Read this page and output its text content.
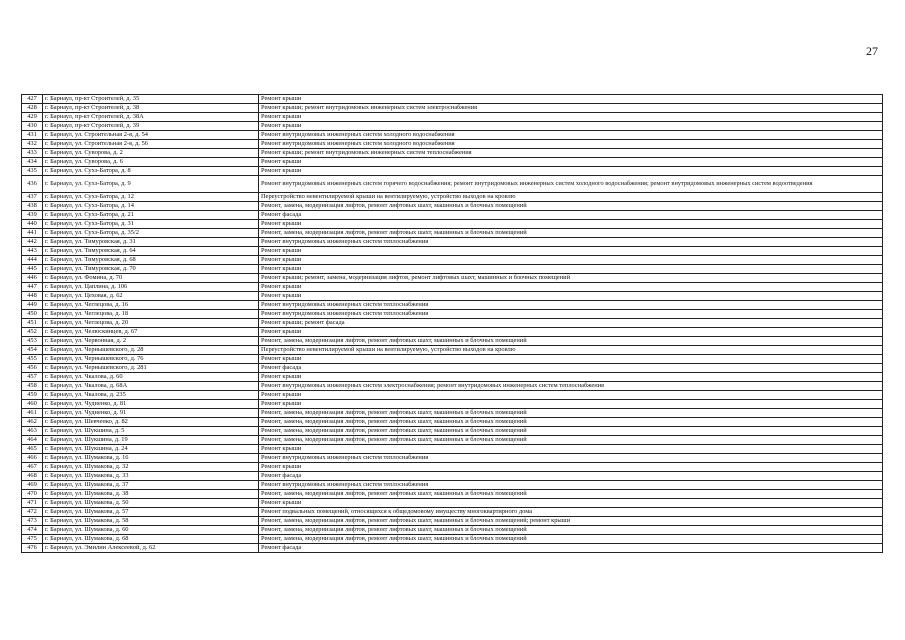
27
427	г. Барнаул, пр-кт Строителей, д. 35	Ремонт крыши
428	г. Барнаул, пр-кт Строителей, д. 38	Ремонт крыши; ремонт внутридомовых инженерных систем электроснабжения
429	г. Барнаул, пр-кт Строителей, д. 38А	Ремонт крыши
430	г. Барнаул, пр-кт Строителей, д. 39	Ремонт крыши
431	г. Барнаул, ул. Строительная 2-я, д. 54	Ремонт внутридомовых инженерных систем холодного водоснабжения
432	г. Барнаул, ул. Строительная 2-я, д. 56	Ремонт внутридомовых инженерных систем холодного водоснабжения
433	г. Барнаул, ул. Суворова, д. 2	Ремонт крыши; ремонт внутридомовых инженерных систем теплоснабжения
434	г. Барнаул, ул. Суворова, д. 6	Ремонт крыши
435	г. Барнаул, ул. Сухэ-Батора, д. 8	Ремонт крыши
436	г. Барнаул, ул. Сухэ-Батора, д. 9	Ремонт внутридомовых инженерных систем горячего водоснабжения; ремонт внутридомовых инженерных систем холодного водоснабжения; ремонт внутридомовых инженерных систем водоотведения
437	г. Барнаул, ул. Сухэ-Батора, д. 12	Переустройство невентилируемой крыши на вентилируемую, устройство выходов на кровлю
438	г. Барнаул, ул. Сухэ-Батора, д. 14	Ремонт, замена, модернизация лифтов, ремонт лифтовых шахт, машинных и блочных помещений
439	г. Барнаул, ул. Сухэ-Батора, д. 21	Ремонт фасада
440	г. Барнаул, ул. Сухэ-Батора, д. 31	Ремонт крыши
441	г. Барнаул, ул. Сухэ-Батора, д. 35/2	Ремонт, замена, модернизация лифтов, ремонт лифтовых шахт, машинных и блочных помещений
442	г. Барнаул, ул. Тимуровская, д. 31	Ремонт внутридомовых инженерных систем теплоснабжения
443	г. Барнаул, ул. Тимуровская, д. 64	Ремонт крыши
444	г. Барнаул, ул. Тимуровская, д. 68	Ремонт крыши
445	г. Барнаул, ул. Тимуровская, д. 70	Ремонт крыши
446	г. Барнаул, ул. Фомина, д. 70	Ремонт крыши; ремонт, замена, модернизация лифтов, ремонт лифтовых шахт, машинных и блочных помещений
447	г. Барнаул, ул. Цаплина, д. 106	Ремонт крыши
448	г. Барнаул, ул. Цеховая, д. 62	Ремонт крыши
449	г. Барнаул, ул. Чеглецова, д. 16	Ремонт внутридомовых инженерных систем теплоснабжения
450	г. Барнаул, ул. Чеглецова, д. 18	Ремонт внутридомовых инженерных систем теплоснабжения
451	г. Барнаул, ул. Чеглецова, д. 20	Ремонт крыши; ремонт фасада
452	г. Барнаул, ул. Челюскинцев, д. 67	Ремонт крыши
453	г. Барнаул, ул. Червонная, д. 2	Ремонт, замена, модернизация лифтов, ремонт лифтовых шахт, машинных и блочных помещений
454	г. Барнаул, ул. Чернышевского, д. 28	Переустройство невентилируемой крыши на вентилируемую, устройство выходов на кровлю
455	г. Барнаул, ул. Чернышевского, д. 76	Ремонт крыши
456	г. Барнаул, ул. Чернышевского, д. 281	Ремонт фасада
457	г. Барнаул, ул. Чкалова, д. 60	Ремонт крыши
458	г. Барнаул, ул. Чкалова, д. 68А	Ремонт внутридомовых инженерных систем электроснабжения; ремонт внутридомовых инженерных систем теплоснабжения
459	г. Барнаул, ул. Чкалова, д. 235	Ремонт крыши
460	г. Барнаул, ул. Чудненко, д. 81	Ремонт крыши
461	г. Барнаул, ул. Чудненко, д. 91	Ремонт, замена, модернизация лифтов, ремонт лифтовых шахт, машинных и блочных помещений
462	г. Барнаул, ул. Шевченко, д. 82	Ремонт, замена, модернизация лифтов, ремонт лифтовых шахт, машинных и блочных помещений
463	г. Барнаул, ул. Шукшина, д. 5	Ремонт, замена, модернизация лифтов, ремонт лифтовых шахт, машинных и блочных помещений
464	г. Барнаул, ул. Шукшина, д. 19	Ремонт, замена, модернизация лифтов, ремонт лифтовых шахт, машинных и блочных помещений
465	г. Барнаул, ул. Шукшина, д. 24	Ремонт крыши
466	г. Барнаул, ул. Шумакова, д. 16	Ремонт внутридомовых инженерных систем теплоснабжения
467	г. Барнаул, ул. Шумакова, д. 32	Ремонт крыши
468	г. Барнаул, ул. Шумакова, д. 33	Ремонт фасада
469	г. Барнаул, ул. Шумакова, д. 37	Ремонт внутридомовых инженерных систем теплоснабжения
470	г. Барнаул, ул. Шумакова, д. 38	Ремонт, замена, модернизация лифтов, ремонт лифтовых шахт, машинных и блочных помещений
471	г. Барнаул, ул. Шумакова, д. 50	Ремонт крыши
472	г. Барнаул, ул. Шумакова, д. 57	Ремонт подвальных помещений, относящихся к общедомовому имуществу многоквартирного дома
473	г. Барнаул, ул. Шумакова, д. 58	Ремонт, замена, модернизация лифтов, ремонт лифтовых шахт, машинных и блочных помещений; ремонт крыши
474	г. Барнаул, ул. Шумакова, д. 60	Ремонт, замена, модернизация лифтов, ремонт лифтовых шахт, машинных и блочных помещений
475	г. Барнаул, ул. Шумакова, д. 68	Ремонт, замена, модернизация лифтов, ремонт лифтовых шахт, машинных и блочных помещений
476	г. Барнаул, ул. Эмилии Алексеевой, д. 62	Ремонт фасада
